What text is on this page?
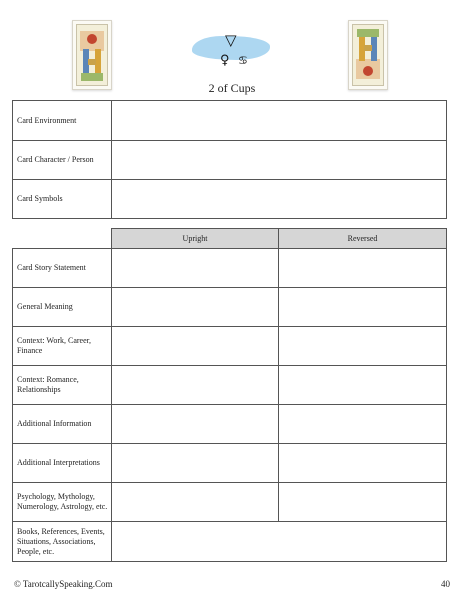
▽
♀ ♋
2 of Cups
Card Environment	
Card Character / Person	
Card Symbols	
	Upright	Reversed
Card Story Statement		
General Meaning		
Context: Work, Career, Finance		
Context: Romance, Relationships		
Additional Information		
Additional Interpretations		
Psychology, Mythology, Numerology, Astrology, etc.		
Books, References, Events, Situations, Associations, People, etc.		
© TarotcallySpeaking.Com	40
